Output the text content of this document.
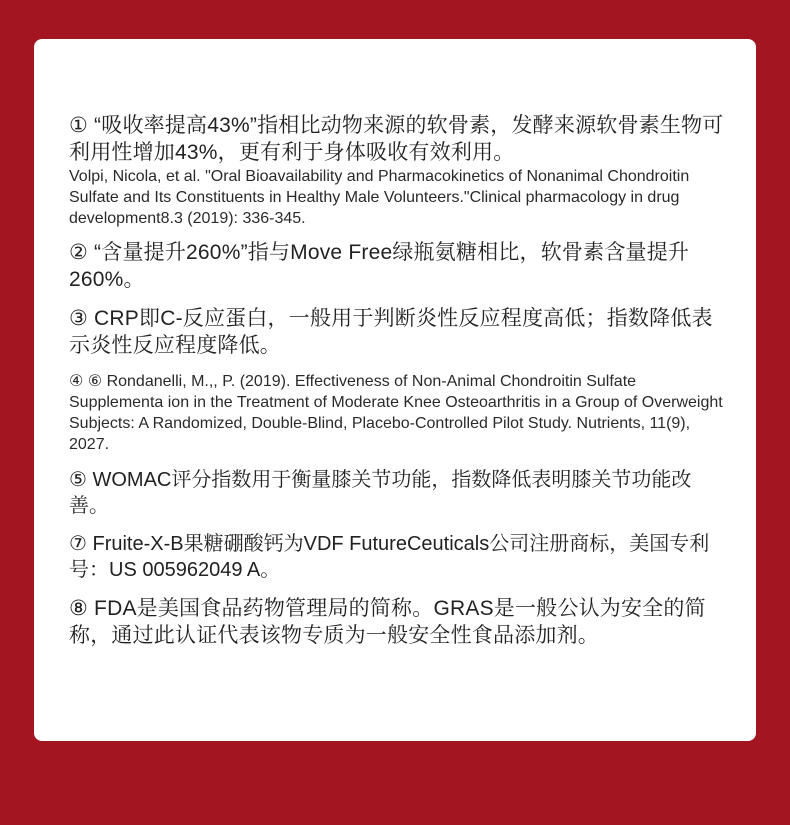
① “吸收率提高43%”指相比动物来源的软骨素，发酵来源软骨素生物可利用性增加43%，更有利于身体吸收有效利用。

Volpi, Nicola, et al. "Oral Bioavailability and Pharmacokinetics of Nonanimal Chondroitin Sulfate and Its Constituents in Healthy Male Volunteers."Clinical pharmacology in drug development8.3 (2019): 336-345.

② “含量提升260%”指与Move Free绿瓶氨糖相比，软骨素含量提升260%。

③ CRP即C-反应蛋白，一般用于判断炎性反应程度高低；指数降低表示炎性反应程度降低。

④ ⑥ Rondanelli, M.,, P. (2019). Effectiveness of Non-Animal Chondroitin Sulfate Supplementa ion in the Treatment of Moderate Knee Osteoarthritis in a Group of Overweight Subjects: A Randomized, Double-Blind, Placebo-Controlled Pilot Study. Nutrients, 11(9), 2027.

⑤ WOMAC评分指数用于衡量膝关节功能，指数降低表明膝关节功能改善。

⑦ Fruite-X-B果糖硼酸钙为VDF FutureCeuticals公司注册商标，美国专利号：US 005962049 A。

⑧ FDA是美国食品药物管理局的简称。GRAS是一般公认为安全的简称，通过此认证代表该物专质为一般安全性食品添加剂。
